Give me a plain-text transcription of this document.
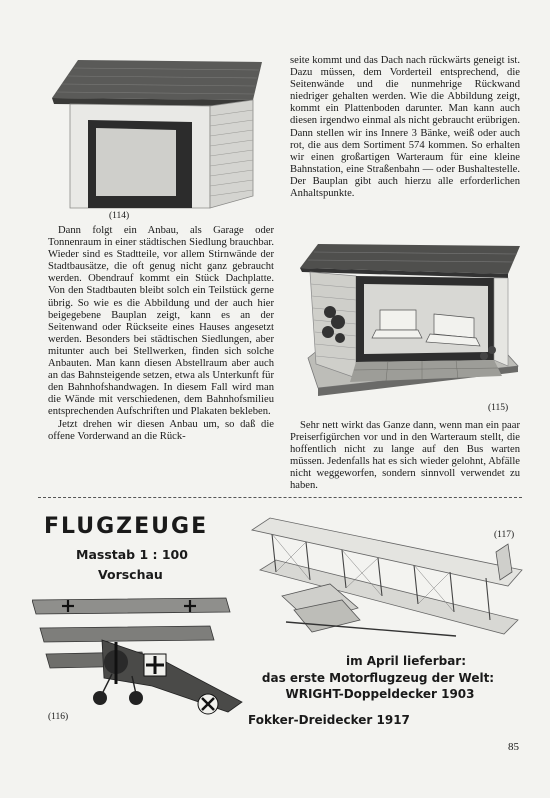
(114)

Dann folgt ein Anbau, als Garage oder Tonnenraum in einer städtischen Siedlung brauchbar. Wieder sind es Stadtteile, vor allem Stirnwände der Stadtbausätze, die oft genug nicht ganz gebraucht werden. Obendrauf kommt ein Stück Dachplatte. Von den Stadtbauten bleibt solch ein Teilstück gerne übrig. So wie es die Abbildung und der auch hier beigegebene Bauplan zeigt, kann es an der Seitenwand oder Rückseite eines Hauses angesetzt werden. Besonders bei städtischen Siedlungen, aber mitunter auch bei Stellwerken, finden sich solche Anbauten. Man kann diesen Abstellraum aber auch an das Bahnsteigende setzen, etwa als Unterkunft für den Bahnhofshandwagen. In diesem Fall wird man die Wände mit verschiedenen, dem Bahnhofsmilieu entsprechenden Aufschriften und Plakaten bekleben.

Jetzt drehen wir diesen Anbau um, so daß die offene Vorderwand an die Rück-

seite kommt und das Dach nach rückwärts geneigt ist. Dazu müssen, dem Vorderteil entsprechend, die Seitenwände und die nunmehrige Rückwand niedriger gehalten werden. Wie die Abbildung zeigt, kommt ein Plattenboden darunter. Man kann auch diesen irgendwo einmal als nicht gebraucht erübrigen. Dann stellen wir ins Innere 3 Bänke, weiß oder auch rot, die aus dem Sortiment 574 kommen. So erhalten wir einen großartigen Warteraum für eine kleine Bahnstation, eine Straßenbahn — oder Bushaltestelle. Der Bauplan gibt auch hierzu alle erforderlichen Anhaltspunkte.

(115)

Sehr nett wirkt das Ganze dann, wenn man ein paar Preiserfigürchen vor und in den Warteraum stellt, die hoffentlich nicht zu lange auf den Bus warten müssen. Jedenfalls hat es sich wieder gelohnt, Abfälle nicht weggeworfen, sondern sinnvoll verwendet zu haben.

FLUGZEUGE
Masstab 1 : 100
Vorschau
(117)
(116)
im April lieferbar:
das erste Motorflugzeug der Welt:
WRIGHT-Doppeldecker 1903
Fokker-Dreidecker 1917
85
